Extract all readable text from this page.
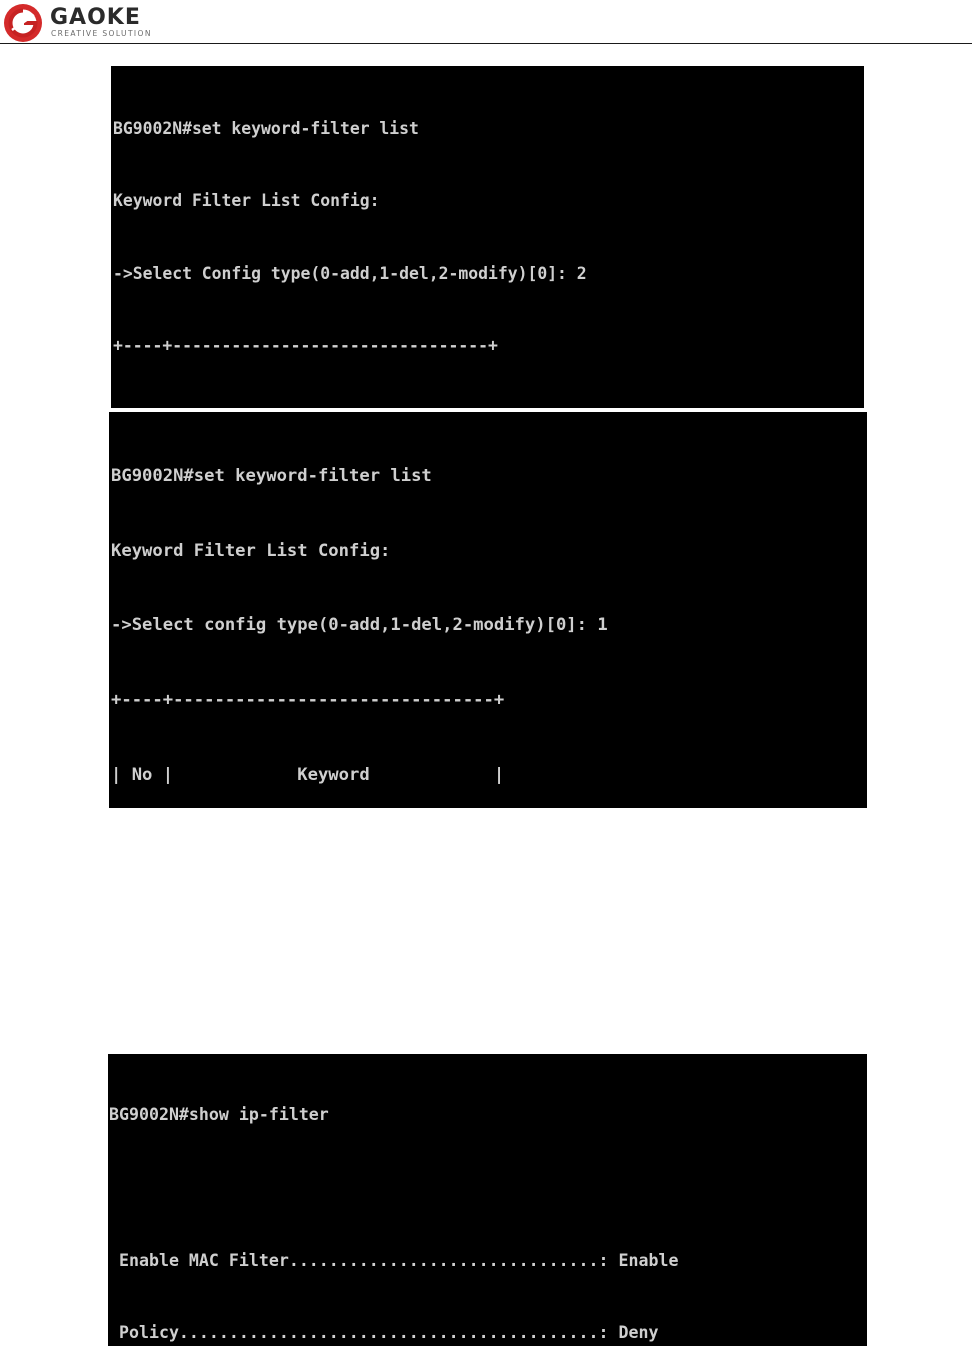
GAOKE
CREATIVE SOLUTION

BG9002N#set keyword-filter list

Keyword Filter List Config:

->Select Config type(0-add,1-del,2-modify)[0]: 2

+----+--------------------------------+

BG9002N#set keyword-filter list

Keyword Filter List Config:

->Select config type(0-add,1-del,2-modify)[0]: 1

+----+-------------------------------+

| No |            Keyword            |

BG9002N#show ip-filter

Enable MAC Filter...............................: Enable

Policy..........................................: Deny
